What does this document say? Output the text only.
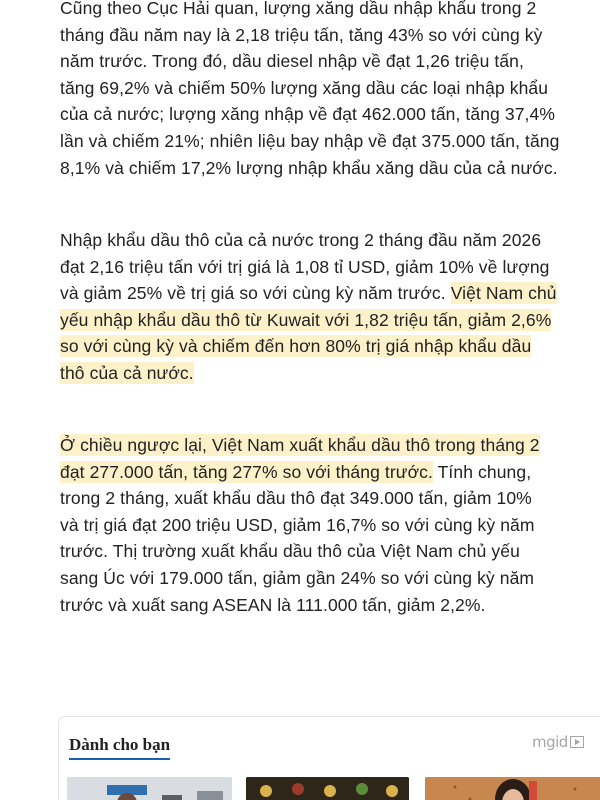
Cũng theo Cục Hải quan, lượng xăng dầu nhập khẩu trong 2
tháng đầu năm nay là 2,18 triệu tấn, tăng 43% so với cùng kỳ
năm trước. Trong đó, dầu diesel nhập về đạt 1,26 triệu tấn,
tăng 69,2% và chiếm 50% lượng xăng dầu các loại nhập khẩu
của cả nước; lượng xăng nhập về đạt 462.000 tấn, tăng 37,4%
lần và chiếm 21%; nhiên liệu bay nhập về đạt 375.000 tấn, tăng
8,1% và chiếm 17,2% lượng nhập khẩu xăng dầu của cả nước.

Nhập khẩu dầu thô của cả nước trong 2 tháng đầu năm 2026
đạt 2,16 triệu tấn với trị giá là 1,08 tỉ USD, giảm 10% về lượng
và giảm 25% về trị giá so với cùng kỳ năm trước. Việt Nam chủ
yếu nhập khẩu dầu thô từ Kuwait với 1,82 triệu tấn, giảm 2,6%
so với cùng kỳ và chiếm đến hơn 80% trị giá nhập khẩu dầu
thô của cả nước.

Ở chiều ngược lại, Việt Nam xuất khẩu dầu thô trong tháng 2
đạt 277.000 tấn, tăng 277% so với tháng trước. Tính chung,
trong 2 tháng, xuất khẩu dầu thô đạt 349.000 tấn, giảm 10%
và trị giá đạt 200 triệu USD, giảm 16,7% so với cùng kỳ năm
trước. Thị trường xuất khẩu dầu thô của Việt Nam chủ yếu
sang Úc với 179.000 tấn, giảm gần 24% so với cùng kỳ năm
trước và xuất sang ASEAN là 111.000 tấn, giảm 2,2%.

Dành cho bạn	mgid
